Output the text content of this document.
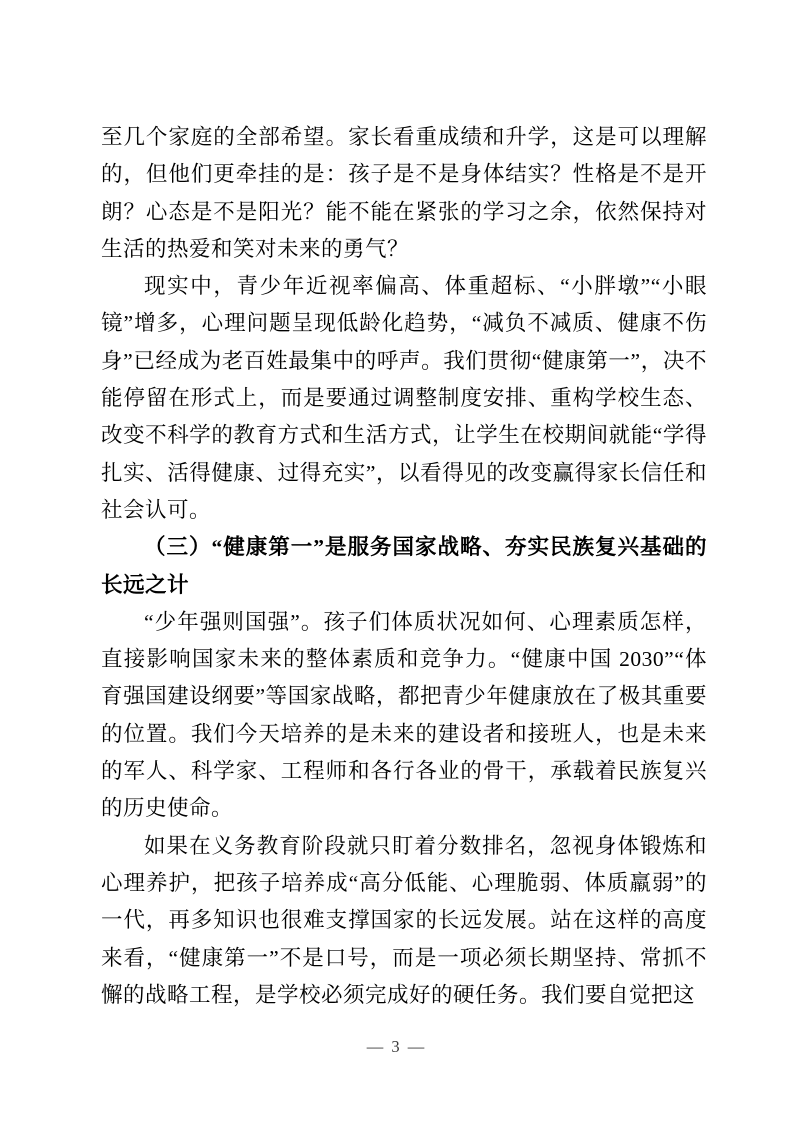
至几个家庭的全部希望。家长看重成绩和升学，这是可以理解的，但他们更牵挂的是：孩子是不是身体结实？性格是不是开朗？心态是不是阳光？能不能在紧张的学习之余，依然保持对生活的热爱和笑对未来的勇气？

现实中，青少年近视率偏高、体重超标、“小胖墩”“小眼镜”增多，心理问题呈现低龄化趋势，“减负不减质、健康不伤身”已经成为老百姓最集中的呼声。我们贯彻“健康第一”，决不能停留在形式上，而是要通过调整制度安排、重构学校生态、改变不科学的教育方式和生活方式，让学生在校期间就能“学得扎实、活得健康、过得充实”，以看得见的改变赢得家长信任和社会认可。

（三）“健康第一”是服务国家战略、夯实民族复兴基础的长远之计

“少年强则国强”。孩子们体质状况如何、心理素质怎样，直接影响国家未来的整体素质和竞争力。“健康中国 2030”“体育强国建设纲要”等国家战略，都把青少年健康放在了极其重要的位置。我们今天培养的是未来的建设者和接班人，也是未来的军人、科学家、工程师和各行各业的骨干，承载着民族复兴的历史使命。

如果在义务教育阶段就只盯着分数排名，忽视身体锻炼和心理养护，把孩子培养成“高分低能、心理脆弱、体质羸弱”的一代，再多知识也很难支撑国家的长远发展。站在这样的高度来看，“健康第一”不是口号，而是一项必须长期坚持、常抓不懈的战略工程，是学校必须完成好的硬任务。我们要自觉把这

— 3 —
